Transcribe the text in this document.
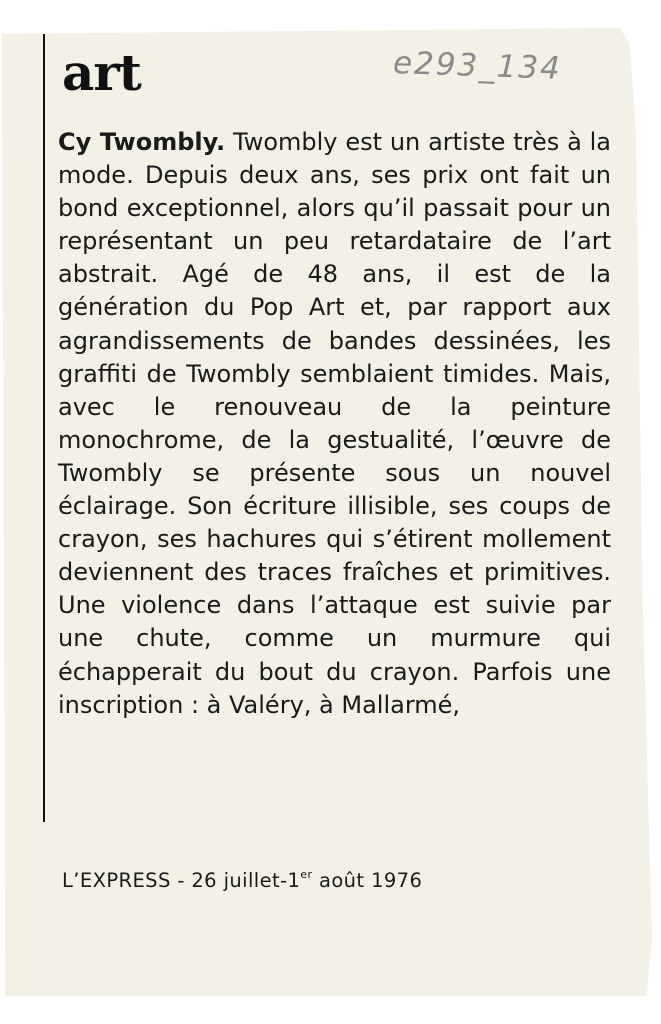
art	e293_134

Cy Twombly. Twombly est un artiste très à la mode. Depuis deux ans, ses prix ont fait un bond exceptionnel, alors qu’il passait pour un représentant un peu retardataire de l’art abstrait. Agé de 48 ans, il est de la génération du Pop Art et, par rapport aux agrandissements de bandes dessinées, les graffiti de Twombly semblaient timides. Mais, avec le renouveau de la peinture monochrome, de la gestualité, l’œuvre de Twombly se présente sous un nouvel éclairage. Son écriture illisible, ses coups de crayon, ses hachures qui s’étirent mollement deviennent des traces fraîches et primitives. Une violence dans l’attaque est suivie par une chute, comme un murmure qui échapperait du bout du crayon. Parfois une inscription : à Valéry, à Mallarmé,

L’EXPRESS - 26 juillet-1er août 1976
